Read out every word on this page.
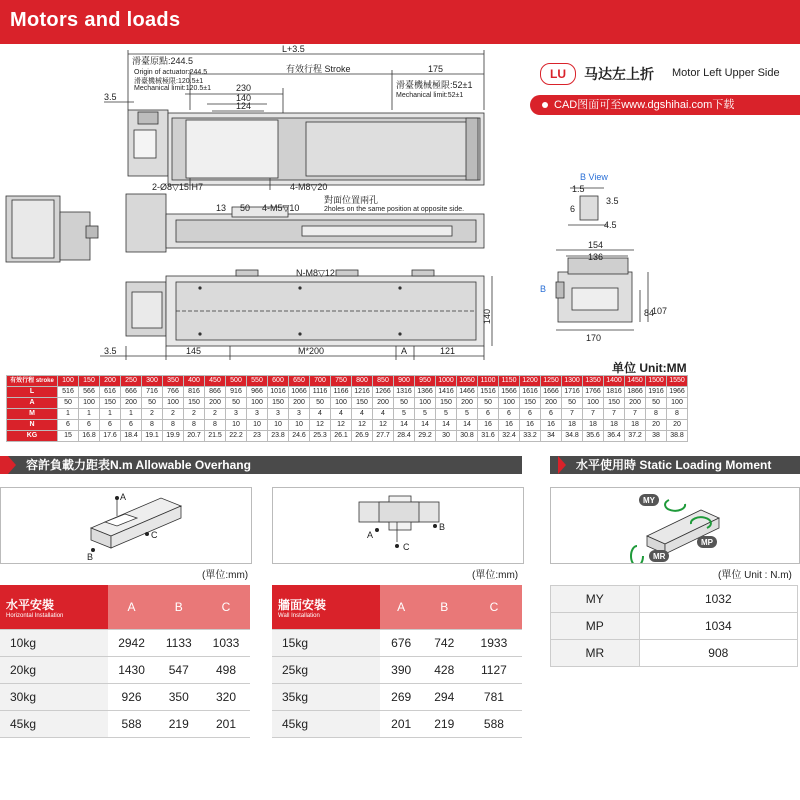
Motors and loads
LU	马达左上折 Motor Left Upper Side
CAD图面可至www.dgshihai.com下载
L+3.5
滑臺原點:244.5
Origin of actuator:244.5
滑臺機械極限:120.5±1
Mechanical limit:120.5±1
有效行程 Stroke	175
滑臺機械極限:52±1
Mechanical limit:52±1
230
140
124
3.5
2-Ø8▽15 H7	4-M8▽20
13 50 4-M5▽10
對面位置兩孔
2holes on the same position at opposite side.
N-M8▽12
140
3.5	145	M*200	A	121
B View
1.5
3.5
6
4.5
154
136
B
84
107
170
单位 Unit:MM
有效行程 stroke	100	150	200	250	300	350	400	450	500	550	600	650	700	750	800	850	900	950	1000	1050	1100	1150	1200	1250	1300	1350	1400	1450	1500	1550
L	516	566	616	666	716	766	816	866	916	966	1016	1066	1116	1166	1216	1266	1316	1366	1416	1466	1516	1566	1616	1666	1716	1766	1816	1866	1916	1966
A	50	100	150	200	50	100	150	200	50	100	150	200	50	100	150	200	50	100	150	200	50	100	150	200	50	100	150	200	50	100
M	1	1	1	1	2	2	2	2	3	3	3	3	4	4	4	4	5	5	5	5	6	6	6	6	7	7	7	7	8	8
N	6	6	6	6	8	8	8	8	10	10	10	10	12	12	12	12	14	14	14	14	16	16	16	16	18	18	18	18	20	20
KG	15	16.8	17.6	18.4	19.1	19.9	20.7	21.5	22.2	23	23.8	24.6	25.3	26.1	26.9	27.7	28.4	29.2	30	30.8	31.6	32.4	33.2	34	34.8	35.6	36.4	37.2	38	38.8
容許負載力距表N.m Allowable Overhang	水平使用時 Static Loading Moment
A
B
C
(單位:mm)
A
C
B
(單位:mm)
MY
MP
MR
(單位 Unit : N.m)
水平安裝
Horizontal Installation	A	B	C
10kg	2942	1133	1033
20kg	1430	547	498
30kg	926	350	320
45kg	588	219	201
牆面安裝
Wall Installation	A	B	C
15kg	676	742	1933
25kg	390	428	1127
35kg	269	294	781
45kg	201	219	588
MY	1032
MP	1034
MR	908
